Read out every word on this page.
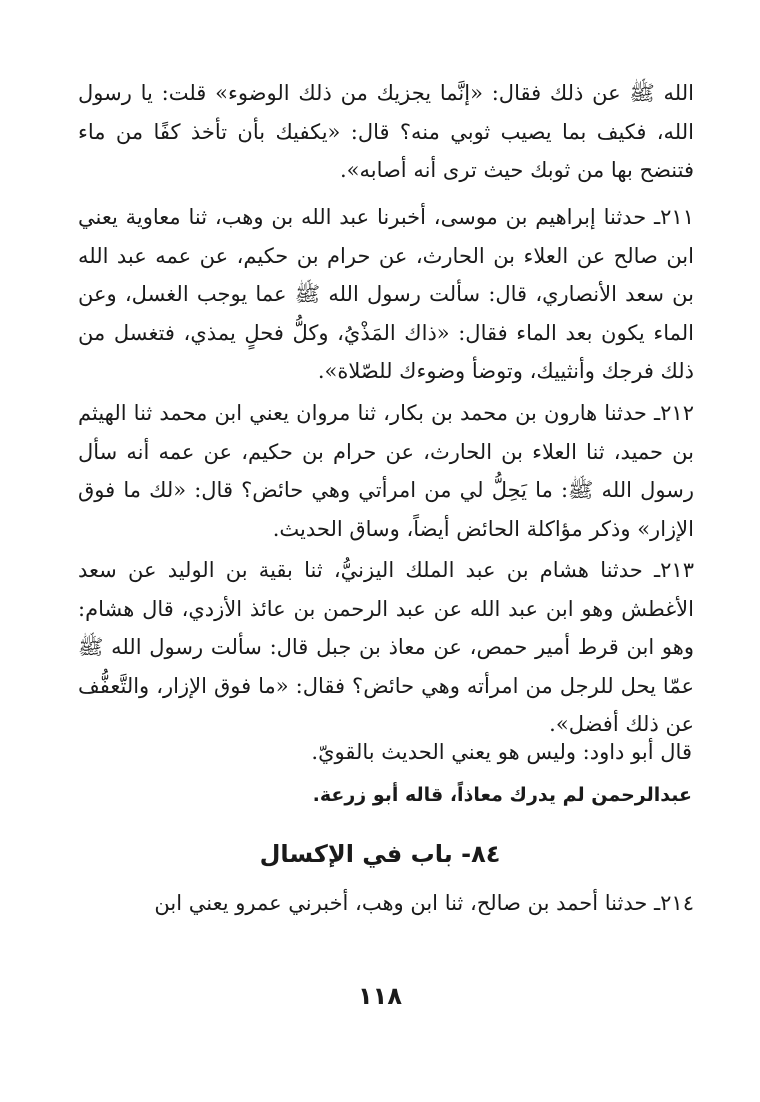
الله ﷺ عن ذلك فقال: «إنَّما يجزيك من ذلك الوضوء» قلت: يا رسول الله، فكيف بما يصيب ثوبي منه؟ قال: «يكفيك بأن تأخذ كفًا من ماء فتنضح بها من ثوبك حيث ترى أنه أصابه».

٢١١ـ حدثنا إبراهيم بن موسى، أخبرنا عبد الله بن وهب، ثنا معاوية يعني ابن صالح عن العلاء بن الحارث، عن حرام بن حكيم، عن عمه عبد الله بن سعد الأنصاري، قال: سألت رسول الله ﷺ عما يوجب الغسل، وعن الماء يكون بعد الماء فقال: «ذاك المَذْيُ، وكلُّ فحلٍ يمذي، فتغسل من ذلك فرجك وأنثييك، وتوضأ وضوءك للصّلاة».

٢١٢ـ حدثنا هارون بن محمد بن بكار، ثنا مروان يعني ابن محمد ثنا الهيثم بن حميد، ثنا العلاء بن الحارث، عن حرام بن حكيم، عن عمه أنه سأل رسول الله ﷺ: ما يَحِلُّ لي من امرأتي وهي حائض؟ قال: «لك ما فوق الإزار» وذكر مؤاكلة الحائض أيضاً، وساق الحديث.

٢١٣ـ حدثنا هشام بن عبد الملك اليزنيُّ، ثنا بقية بن الوليد عن سعد الأغطش وهو ابن عبد الله عن عبد الرحمن بن عائذ الأزدي، قال هشام: وهو ابن قرط أمير حمص، عن معاذ بن جبل قال: سألت رسول الله ﷺ عمّا يحل للرجل من امرأته وهي حائض؟ فقال: «ما فوق الإزار، والتَّعفُّف عن ذلك أفضل».

قال أبو داود: وليس هو يعني الحديث بالقويّ.

عبدالرحمن لم يدرك معاذاً، قاله أبو زرعة.

٨٤- باب في الإكسال

٢١٤ـ حدثنا أحمد بن صالح، ثنا ابن وهب، أخبرني عمرو يعني ابن

١١٨
